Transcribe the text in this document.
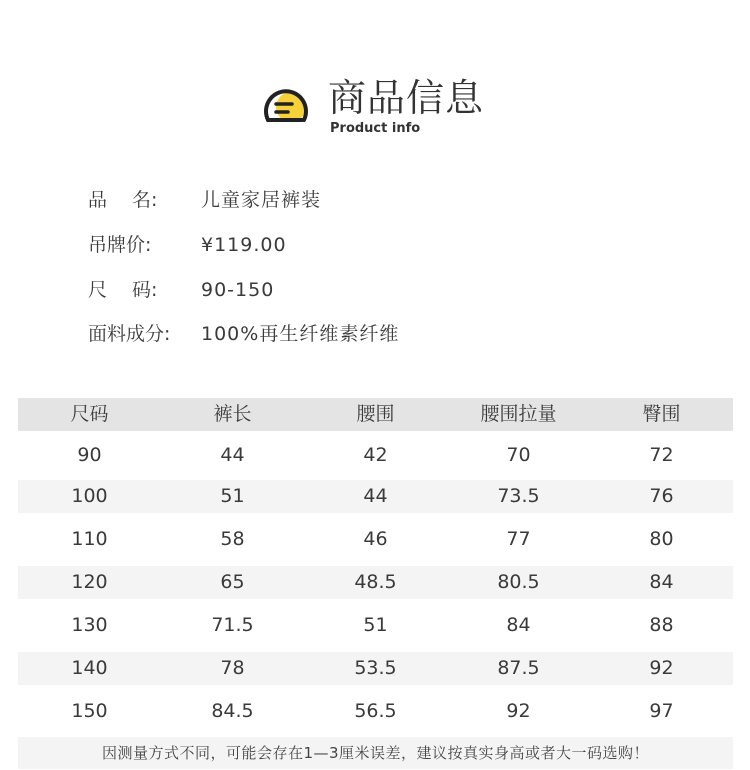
商品信息
Product info
品　 名:	儿童家居裤装
吊牌价:	¥119.00
尺　 码:	90-150
面料成分:	100%再生纤维素纤维
尺码	裤长	腰围	腰围拉量	臀围
90	44	42	70	72
100	51	44	73.5	76
110	58	46	77	80
120	65	48.5	80.5	84
130	71.5	51	84	88
140	78	53.5	87.5	92
150	84.5	56.5	92	97
因测量方式不同，可能会存在1—3厘米误差，建议按真实身高或者大一码选购！
